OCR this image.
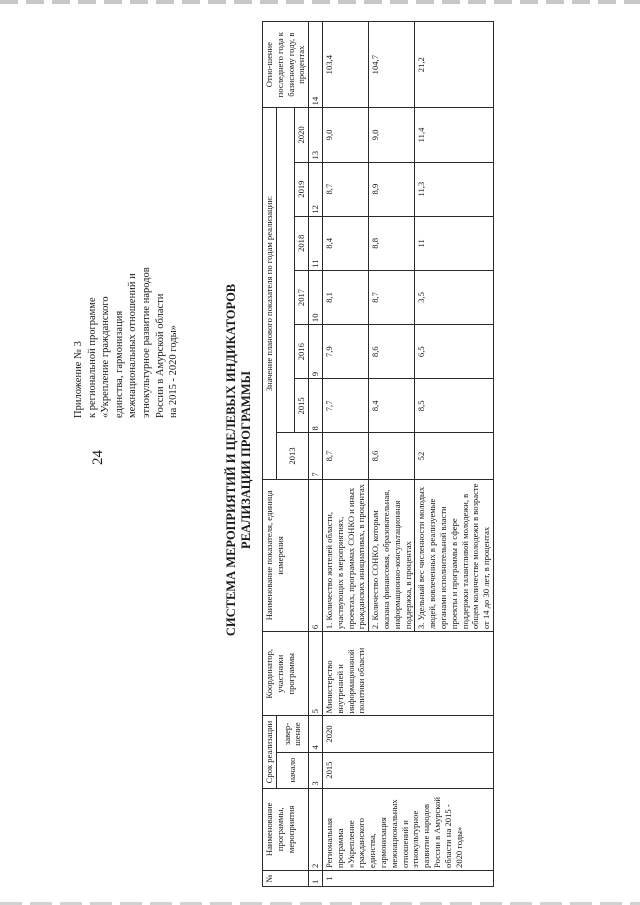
24
Приложение № 3 к региональной программе «Укрепление гражданского единства, гармонизация межнациональных отношений и этнокультурное развитие народов России в Амурской области на 2015 - 2020 годы»	СИСТЕМА МЕРОПРИЯТИЙ И ЦЕЛЕВЫХ ИНДИКАТОРОВ РЕАЛИЗАЦИИ ПРОГРАММЫ
№	Наименование программы, мероприятия	Срок реализации		Координатор, участники программы	Наименование показателя, единица измерения	Значение планового показателя по годам реализации:							Отно-шение последнего года к базисному году, в процентах
		начало	завер-шение			2013							
							2015	2016	2017	2018	2019	2020	
1	2	3	4	5	6	7	8	9	10	11	12	13	14
1	Региональная программа «Укрепление гражданского единства, гармонизация межнациональных отношений и этнокультурное развитие народов России в Амурской области на 2015 - 2020 годы»	2015	2020	Министерство внутренней и информационной политики области	1. Количество жителей области, участвующих в мероприятиях, проектах, программах СОНКО и иных гражданских инициативах, в процентах	8,7	7,7	7,9	8,1	8,4	8,7	9,0	103,4
					2. Количество СОНКО, которым оказана финансовая, образовательная, информационно-консультационная поддержка, в процентах	8,6	8,4	8,6	8,7	8,8	8,9	9,0	104,7
					3. Удельный вес численности молодых людей, вовлеченных в реализуемые органами исполнительной власти проекты и программы в сфере поддержки талантливой молодежи, в общем количестве молодежи в возрасте от 14 до 30 лет, в процентах	52	8,5	6,5	3,5	11	11,3	11,4	21,2
